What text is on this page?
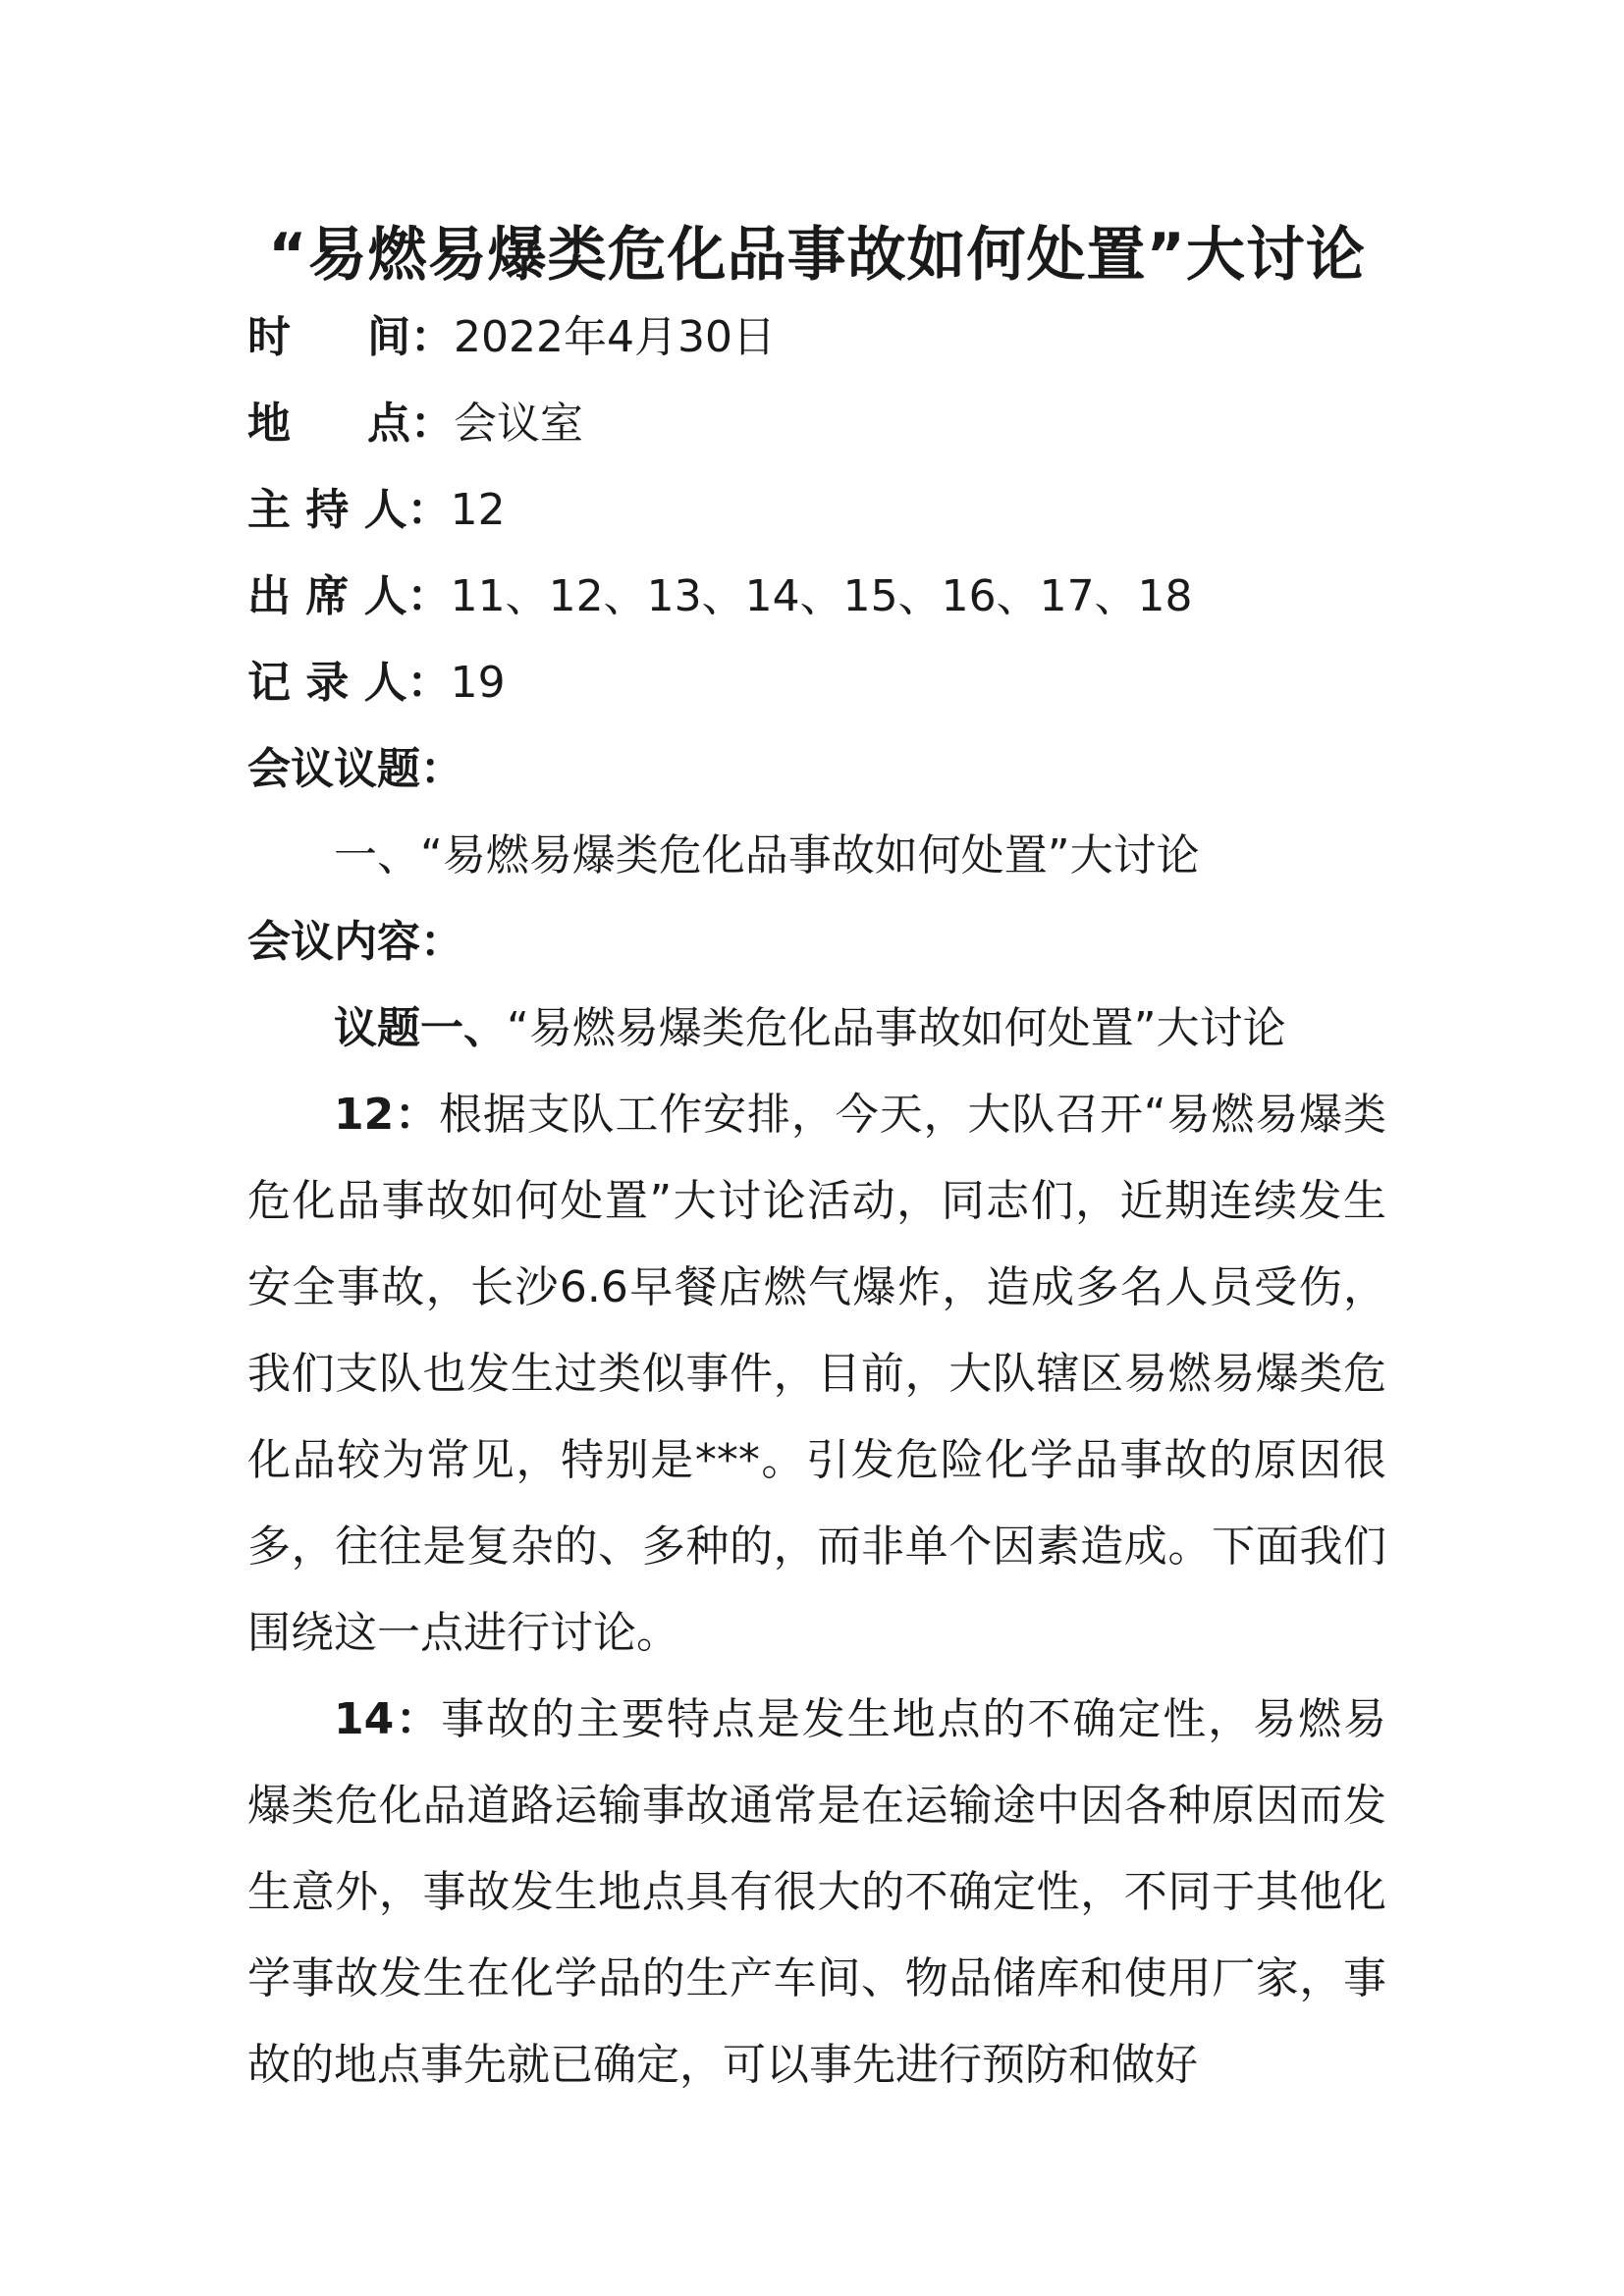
“易燃易爆类危化品事故如何处置”大讨论
时 间 ：2022年4月30日
地 点 ：会议室
主 持 人：12
出 席 人：11、12、13、14、15、16、17、18
记 录 人：19
会议议题：
一、“易燃易爆类危化品事故如何处置”大讨论
会议内容：
议题一、“易燃易爆类危化品事故如何处置”大讨论

12：根据支队工作安排，今天，大队召开“易燃易爆类危化品事故如何处置”大讨论活动，同志们，近期连续发生安全事故，长沙6.6早餐店燃气爆炸，造成多名人员受伤，我们支队也发生过类似事件，目前，大队辖区易燃易爆类危化品较为常见，特别是***。引发危险化学品事故的原因很多，往往是复杂的、多种的，而非单个因素造成。下面我们围绕这一点进行讨论。

14：事故的主要特点是发生地点的不确定性，易燃易爆类危化品道路运输事故通常是在运输途中因各种原因而发生意外，事故发生地点具有很大的不确定性，不同于其他化学事故发生在化学品的生产车间、物品储库和使用厂家，事故的地点事先就已确定，可以事先进行预防和做好
